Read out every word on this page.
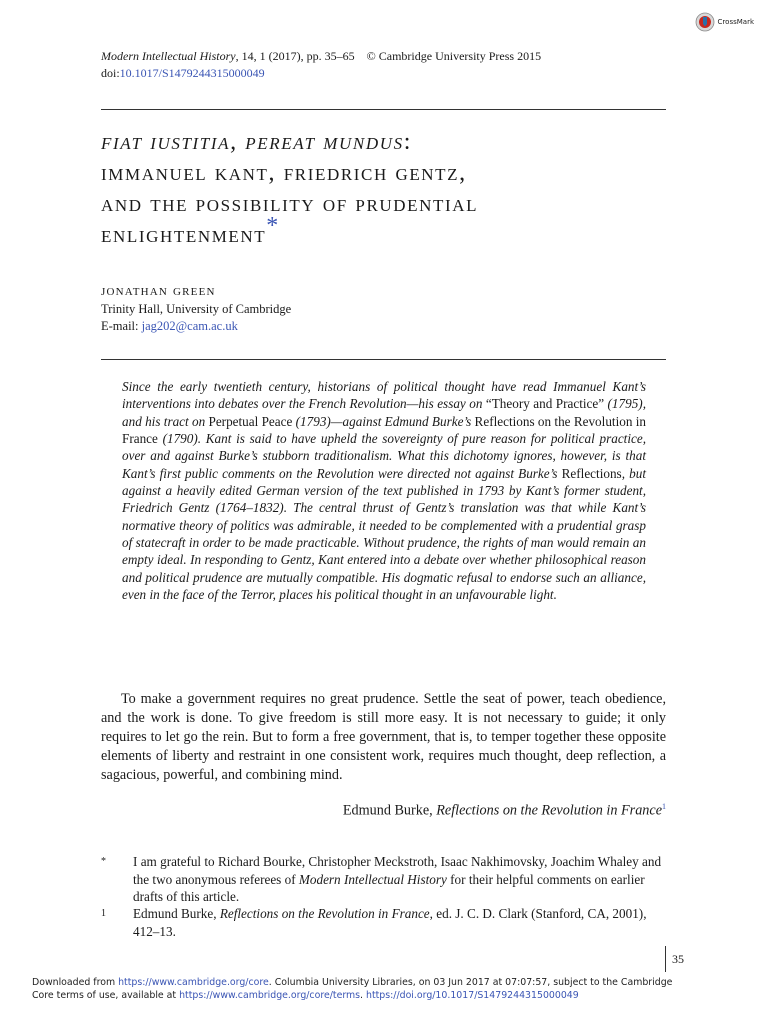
CrossMark
Modern Intellectual History, 14, 1 (2017), pp. 35–65 © Cambridge University Press 2015
doi:10.1017/S1479244315000049
fiat iustitia, pereat mundus:
immanuel kant, friedrich gentz,
and the possibility of prudential
enlightenment*
jonathan green
Trinity Hall, University of Cambridge
E-mail: jag202@cam.ac.uk
Since the early twentieth century, historians of political thought have read Immanuel Kant’s interventions into debates over the French Revolution—his essay on “Theory and Practice” (1795), and his tract on Perpetual Peace (1793)—against Edmund Burke’s Reflections on the Revolution in France (1790). Kant is said to have upheld the sovereignty of pure reason for political practice, over and against Burke’s stubborn traditionalism. What this dichotomy ignores, however, is that Kant’s first public comments on the Revolution were directed not against Burke’s Reflections, but against a heavily edited German version of the text published in 1793 by Kant’s former student, Friedrich Gentz (1764–1832). The central thrust of Gentz’s translation was that while Kant’s normative theory of politics was admirable, it needed to be complemented with a prudential grasp of statecraft in order to be made practicable. Without prudence, the rights of man would remain an empty ideal. In responding to Gentz, Kant entered into a debate over whether philosophical reason and political prudence are mutually compatible. His dogmatic refusal to endorse such an alliance, even in the face of the Terror, places his political thought in an unfavourable light.
To make a government requires no great prudence. Settle the seat of power, teach obedience, and the work is done. To give freedom is still more easy. It is not necessary to guide; it only requires to let go the rein. But to form a free government, that is, to temper together these opposite elements of liberty and restraint in one consistent work, requires much thought, deep reflection, a sagacious, powerful, and combining mind.
Edmund Burke, Reflections on the Revolution in France$^1$
* I am grateful to Richard Bourke, Christopher Meckstroth, Isaac Nakhimovsky, Joachim Whaley and the two anonymous referees of Modern Intellectual History for their helpful comments on earlier drafts of this article.
1 Edmund Burke, Reflections on the Revolution in France, ed. J. C. D. Clark (Stanford, CA, 2001), 412–13.
35
Downloaded from https://www.cambridge.org/core. Columbia University Libraries, on 03 Jun 2017 at 07:07:57, subject to the Cambridge
Core terms of use, available at https://www.cambridge.org/core/terms. https://doi.org/10.1017/S1479244315000049
